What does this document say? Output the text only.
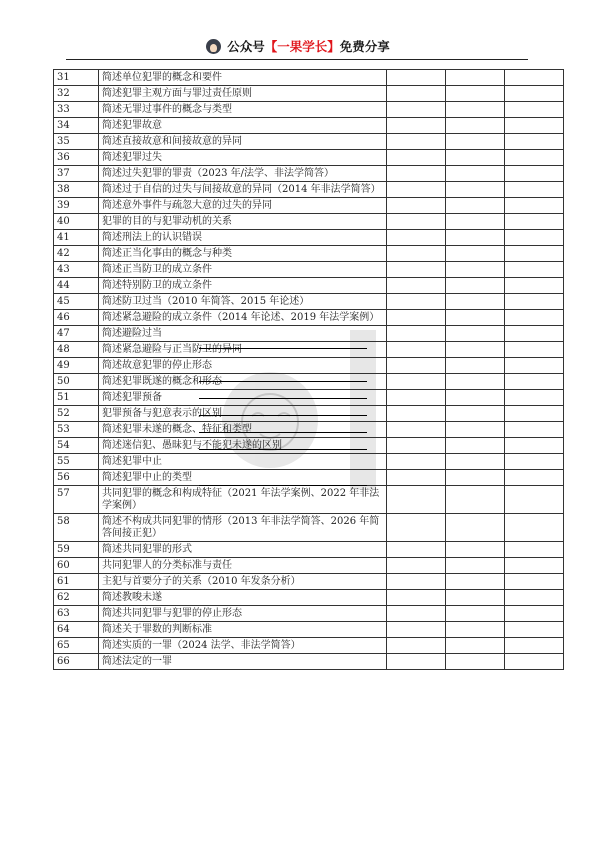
公众号 【一果学长】 免费分享
31	简述单位犯罪的概念和要件			
32	简述犯罪主观方面与罪过责任原则			
33	简述无罪过事件的概念与类型			
34	简述犯罪故意			
35	简述直接故意和间接故意的异同			
36	简述犯罪过失			
37	简述过失犯罪的罪责（2023 年/法学、非法学简答）			
38	简述过于自信的过失与间接故意的异同（2014 年非法学简答）			
39	简述意外事件与疏忽大意的过失的异同			
40	犯罪的目的与犯罪动机的关系			
41	简述刑法上的认识错误			
42	简述正当化事由的概念与种类			
43	简述正当防卫的成立条件			
44	简述特别防卫的成立条件			
45	简述防卫过当（2010 年简答、2015 年论述）			
46	简述紧急避险的成立条件（2014 年论述、2019 年法学案例）			
47	简述避险过当			
48	简述紧急避险与正当防卫的异同			
49	简述故意犯罪的停止形态			
50	简述犯罪既遂的概念和形态			
51	简述犯罪预备			
52	犯罪预备与犯意表示的区别			
53	简述犯罪未遂的概念、特征和类型			
54	简述迷信犯、愚昧犯与不能犯未遂的区别			
55	简述犯罪中止			
56	简述犯罪中止的类型			
57	共同犯罪的概念和构成特征（2021 年法学案例、2022 年非法学案例）			
58	简述不构成共同犯罪的情形（2013 年非法学简答、2026 年简答间接正犯）			
59	简述共同犯罪的形式			
60	共同犯罪人的分类标准与责任			
61	主犯与首要分子的关系（2010 年发条分析）			
62	简述教唆未遂			
63	简述共同犯罪与犯罪的停止形态			
64	简述关于罪数的判断标准			
65	简述实质的一罪（2024 法学、非法学简答）			
66	简述法定的一罪			
